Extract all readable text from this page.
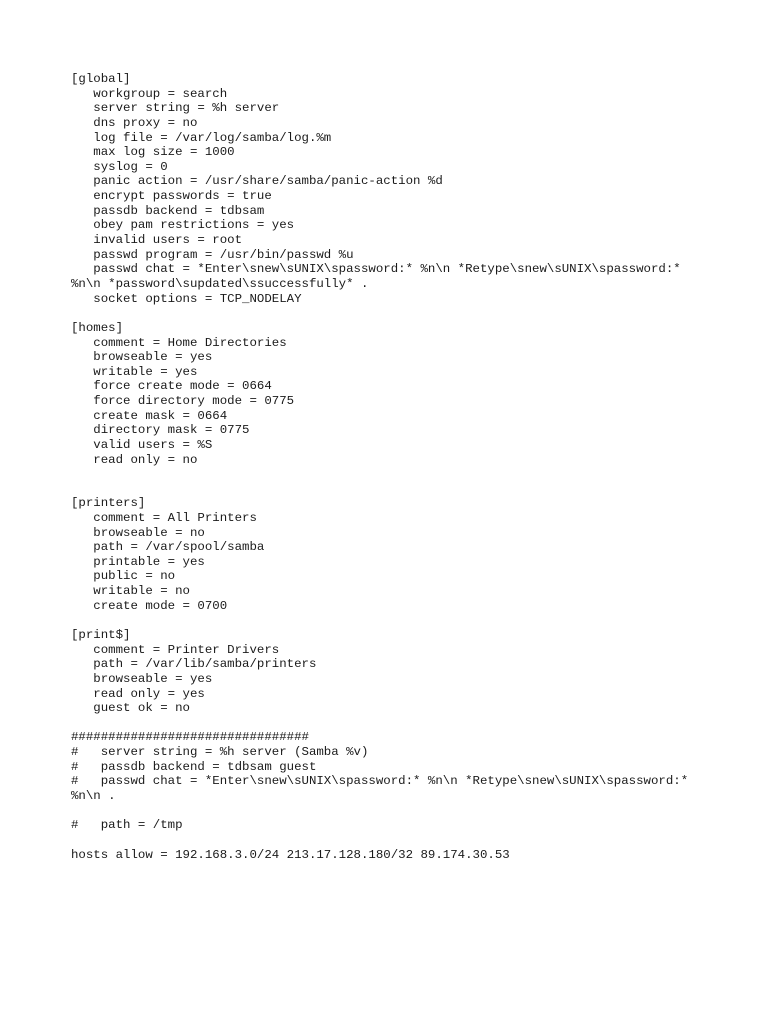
[global]
workgroup = search
server string = %h server
dns proxy = no
log file = /var/log/samba/log.%m
max log size = 1000
syslog = 0
panic action = /usr/share/samba/panic-action %d
encrypt passwords = true
passdb backend = tdbsam
obey pam restrictions = yes
invalid users = root
passwd program = /usr/bin/passwd %u
passwd chat = *Enter\snew\sUNIX\spassword:* %n\n *Retype\snew\sUNIX\spassword:*
%n\n *password\supdated\ssuccessfully* .
socket options = TCP_NODELAY
[homes]
comment = Home Directories
browseable = yes
writable = yes
force create mode = 0664
force directory mode = 0775
create mask = 0664
directory mask = 0775
valid users = %S
read only = no
[printers]
comment = All Printers
browseable = no
path = /var/spool/samba
printable = yes
public = no
writable = no
create mode = 0700
[print$]
comment = Printer Drivers
path = /var/lib/samba/printers
browseable = yes
read only = yes
guest ok = no
################################
#   server string = %h server (Samba %v)
#   passdb backend = tdbsam guest
#   passwd chat = *Enter\snew\sUNIX\spassword:* %n\n *Retype\snew\sUNIX\spassword:*
%n\n .
#   path = /tmp
hosts allow = 192.168.3.0/24 213.17.128.180/32 89.174.30.53
